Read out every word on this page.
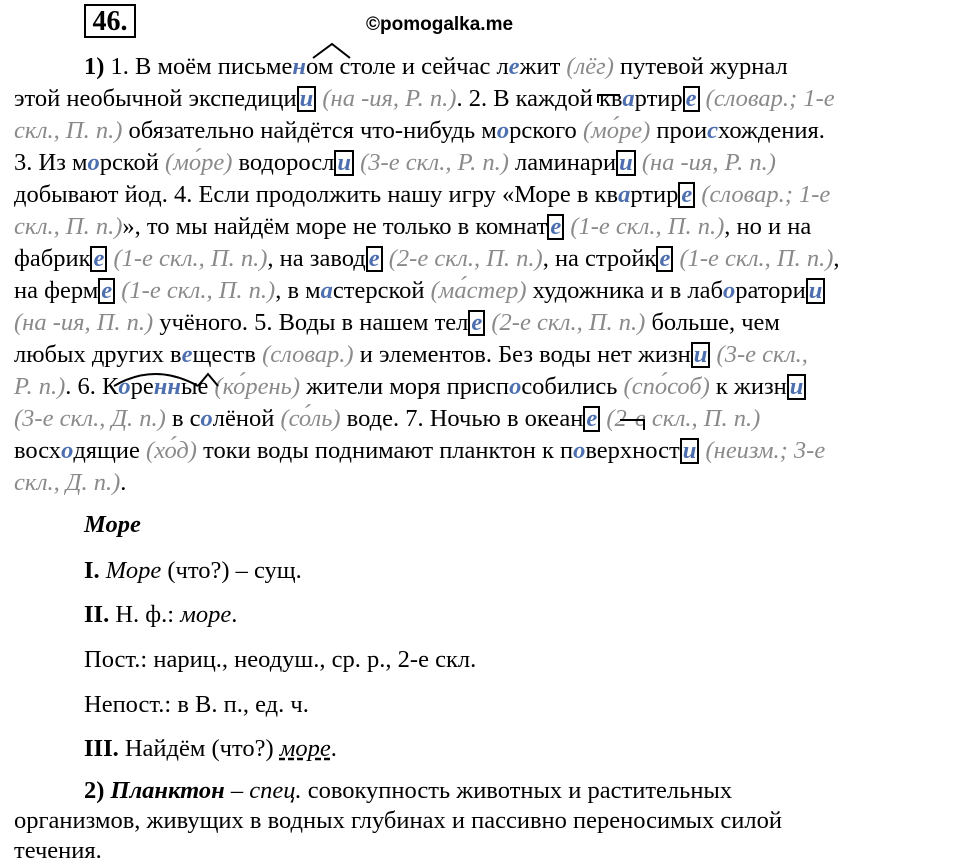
46.	©pomogalka.me
1) 1. В моём письменом столе и сейчас лежит (лёг) путевой журнал
этой необычной экспедици и (на -ия, Р. п.). 2. В каждой квартир е (словар.; 1-е
скл., П. п.) обязательно найдётся что-нибудь морского (мо́ре) происхождения.
3. Из морской (мо́ре) водоросл и (3-е скл., Р. п.) ламинари и (на -ия, Р. п.)
добывают йод. 4. Если продолжить нашу игру «Море в квартир е (словар.; 1-е
скл., П. п.)», то мы найдём море не только в комнат е (1-е скл., П. п.), но и на
фабрик е (1-е скл., П. п.), на завод е (2-е скл., П. п.), на стройк е (1-е скл., П. п.),
на ферм е (1-е скл., П. п.), в мастерской (ма́стер) художника и в лаборатори и
(на -ия, П. п.) учёного. 5. Воды в нашем тел е (2-е скл., П. п.) больше, чем
любых других веществ (словар.) и элементов. Без воды нет жизн и (3-е скл.,
Р. п.). 6. Коренные (ко́рень) жители моря приспособились (спо́соб) к жизн и
(3-е скл., Д. п.) в солёной (со́ль) воде. 7. Ночью в океан е (2-е скл., П. п.)
восходящие (хо́д) токи воды поднимают планктон к поверхност и (неизм.; 3-е
скл., Д. п.).
Море
I. Море (что?) – сущ.
II. Н. ф.: море.
Пост.: нариц., неодуш., ср. р., 2-е скл.
Непост.: в В. п., ед. ч.
III. Найдём (что?) море.
2) Планктон – спец. совокупность животных и растительных
организмов, живущих в водных глубинах и пассивно переносимых силой
течения.
